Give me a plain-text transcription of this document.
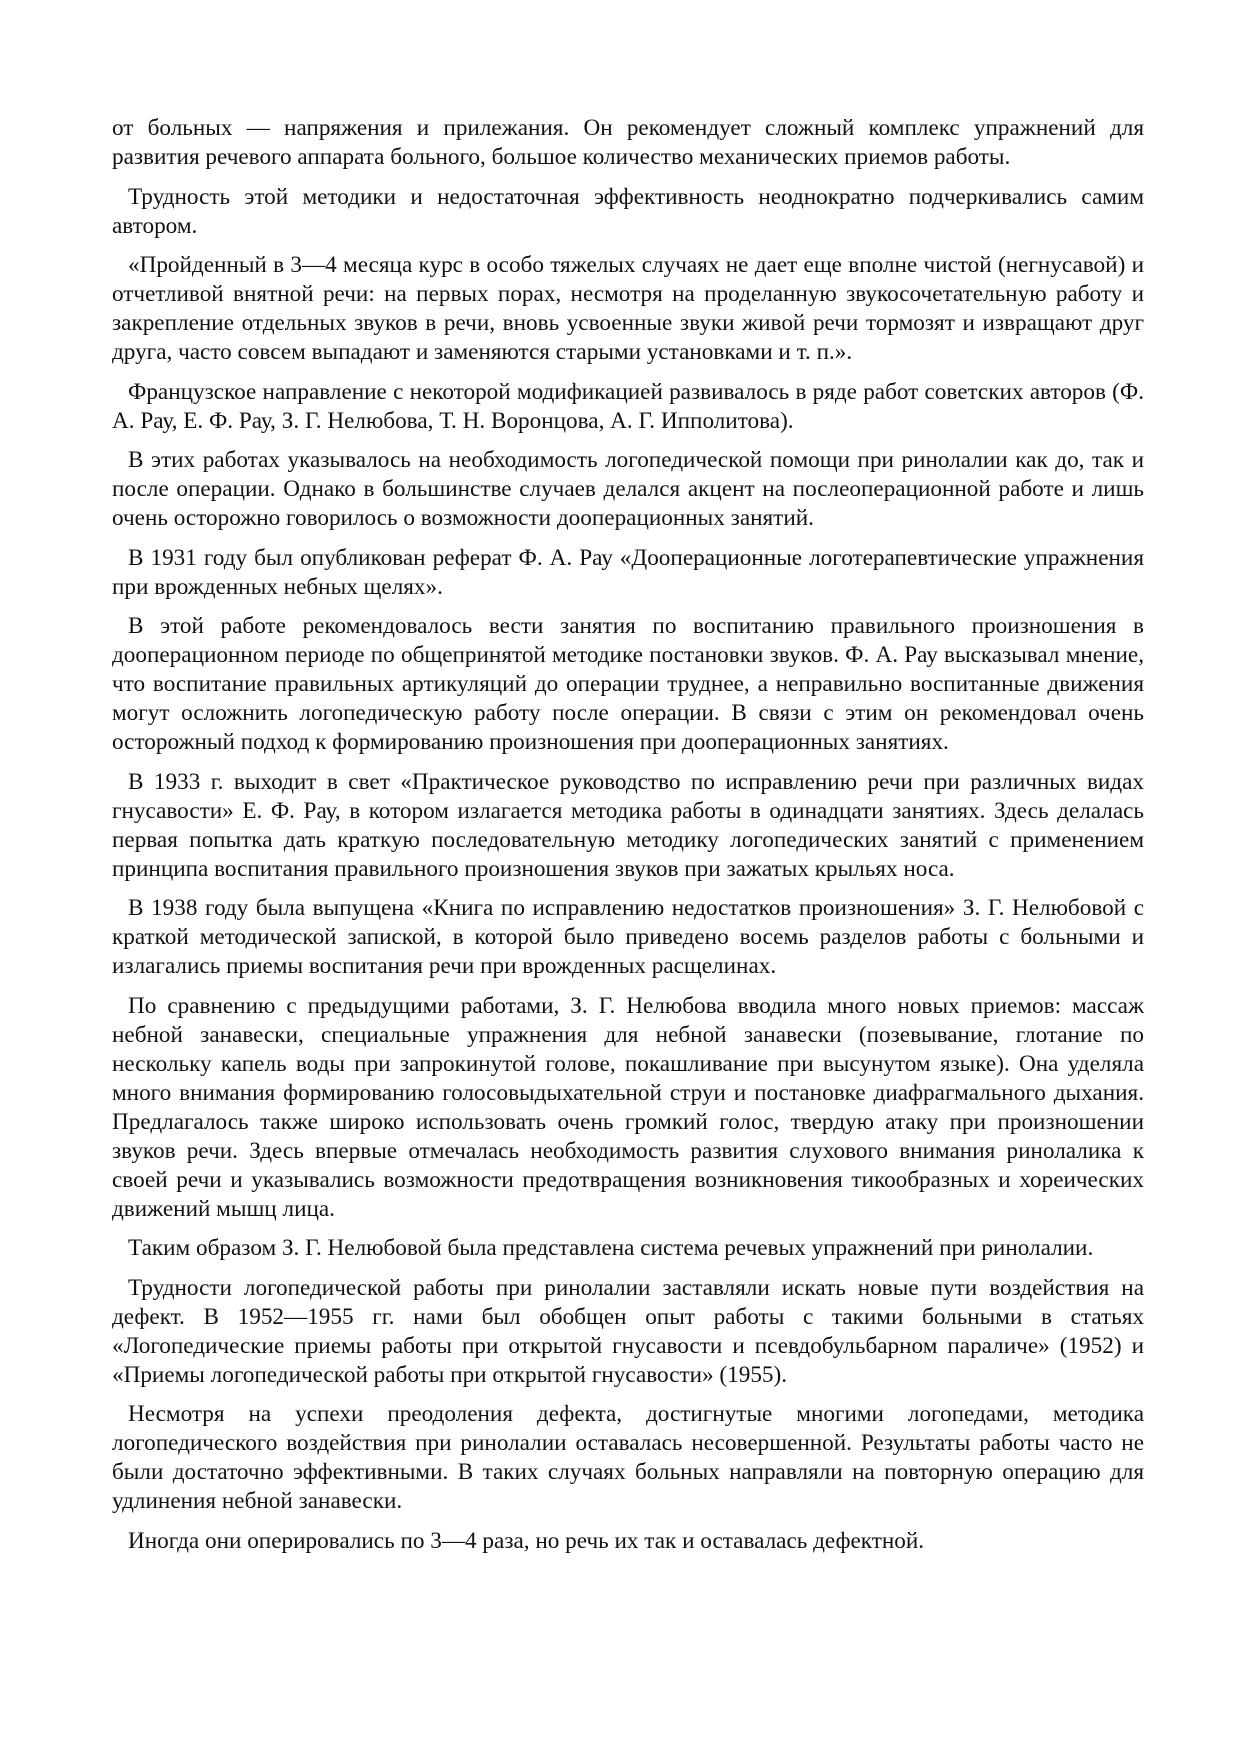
от больных — напряжения и прилежания. Он рекомендует сложный комплекс упражнений для развития речевого аппарата больного, большое количество механических приемов работы.

Трудность этой методики и недостаточная эффективность неоднократно подчеркивались самим автором.

«Пройденный в 3—4 месяца курс в особо тяжелых случаях не дает еще вполне чистой (негнусавой) и отчетливой внятной речи: на первых порах, несмотря на проделанную звукосочетательную работу и закрепление отдельных звуков в речи, вновь усвоенные звуки живой речи тормозят и извращают друг друга, часто совсем выпадают и заменяются старыми установками и т. п.».

Французское направление с некоторой модификацией развивалось в ряде работ советских авторов (Ф. А. Рау, Е. Ф. Рау, З. Г. Нелюбова, Т. Н. Воронцова, А. Г. Ипполитова).

В этих работах указывалось на необходимость логопедической помощи при ринолалии как до, так и после операции. Однако в большинстве случаев делался акцент на послеоперационной работе и лишь очень осторожно говорилось о возможности дооперационных занятий.

В 1931 году был опубликован реферат Ф. А. Рау «Дооперационные логотерапевтические упражнения при врожденных небных щелях».

В этой работе рекомендовалось вести занятия по воспитанию правильного произношения в дооперационном периоде по общепринятой методике постановки звуков. Ф. А. Рау высказывал мнение, что воспитание правильных артикуляций до операции труднее, а неправильно воспитанные движения могут осложнить логопедическую работу после операции. В связи с этим он рекомендовал очень осторожный подход к формированию произношения при дооперационных занятиях.

В 1933 г. выходит в свет «Практическое руководство по исправлению речи при различных видах гнусавости» Е. Ф. Рау, в котором излагается методика работы в одинадцати занятиях. Здесь делалась первая попытка дать краткую последовательную методику логопедических занятий с применением принципа воспитания правильного произношения звуков при зажатых крыльях носа.

В 1938 году была выпущена «Книга по исправлению недостатков произношения» З. Г. Нелюбовой с краткой методической запиской, в которой было приведено восемь разделов работы с больными и излагались приемы воспитания речи при врожденных расщелинах.

По сравнению с предыдущими работами, З. Г. Нелюбова вводила много новых приемов: массаж небной занавески, специальные упражнения для небной занавески (позевывание, глотание по нескольку капель воды при запрокинутой голове, покашливание при высунутом языке). Она уделяла много внимания формированию голосовыдыхательной струи и постановке диафрагмального дыхания. Предлагалось также широко использовать очень громкий голос, твердую атаку при произношении звуков речи. Здесь впервые отмечалась необходимость развития слухового внимания ринолалика к своей речи и указывались возможности предотвращения возникновения тикообразных и хореических движений мышц лица.

Таким образом З. Г. Нелюбовой была представлена система речевых упражнений при ринолалии.

Трудности логопедической работы при ринолалии заставляли искать новые пути воздействия на дефект. В 1952—1955 гг. нами был обобщен опыт работы с такими больными в статьях «Логопедические приемы работы при открытой гнусавости и псевдобульбарном параличе» (1952) и «Приемы логопедической работы при открытой гнусавости» (1955).

Несмотря на успехи преодоления дефекта, достигнутые многими логопедами, методика логопедического воздействия при ринолалии оставалась несовершенной. Результаты работы часто не были достаточно эффективными. В таких случаях больных направляли на повторную операцию для удлинения небной занавески.

Иногда они оперировались по 3—4 раза, но речь их так и оставалась дефектной.
